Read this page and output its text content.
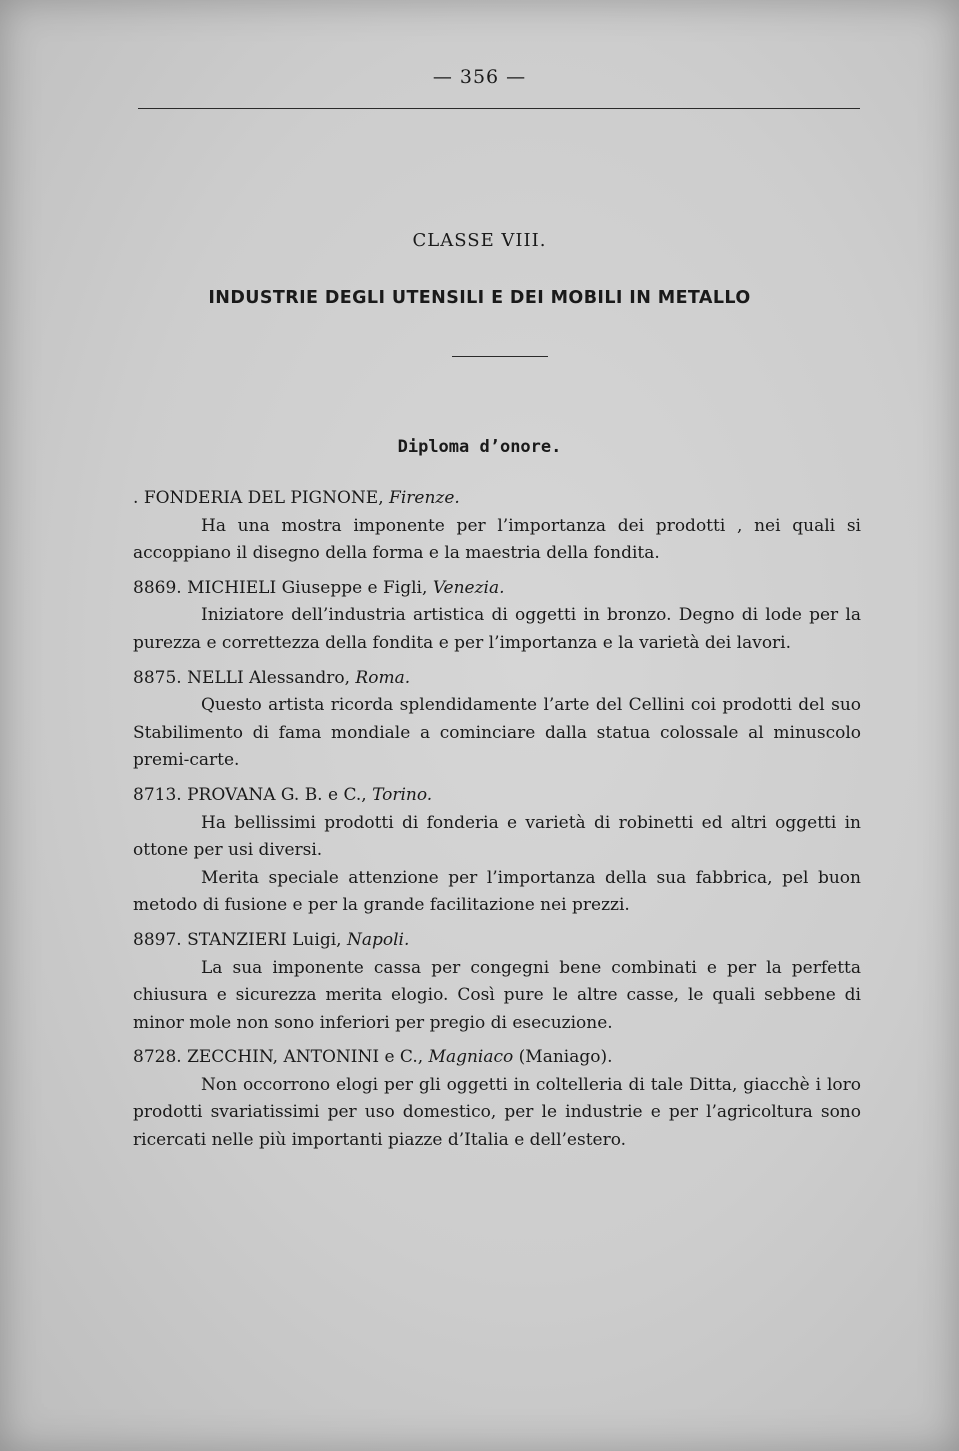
— 356 —
CLASSE VIII.
INDUSTRIE DEGLI UTENSILI E DEI MOBILI IN METALLO
Diploma d’onore.
. FONDERIA DEL PIGNONE, Firenze.
Ha una mostra imponente per l’importanza dei prodotti , nei quali si accoppiano il disegno della forma e la maestria della fondita.
8869. MICHIELI Giuseppe e Figli, Venezia.
Iniziatore dell’industria artistica di oggetti in bronzo. Degno di lode per la purezza e correttezza della fondita e per l’importanza e la varietà dei lavori.
8875. NELLI Alessandro, Roma.
Questo artista ricorda splendidamente l’arte del Cellini coi prodotti del suo Stabilimento di fama mondiale a cominciare dalla statua colossale al minuscolo premi-carte.
8713. PROVANA G. B. e C., Torino.
Ha bellissimi prodotti di fonderia e varietà di robinetti ed altri oggetti in ottone per usi diversi.
Merita speciale attenzione per l’importanza della sua fabbrica, pel buon metodo di fusione e per la grande facilitazione nei prezzi.
8897. STANZIERI Luigi, Napoli.
La sua imponente cassa per congegni bene combinati e per la perfetta chiusura e sicurezza merita elogio. Così pure le altre casse, le quali sebbene di minor mole non sono inferiori per pregio di esecuzione.
8728. ZECCHIN, ANTONINI e C., Magniaco (Maniago).
Non occorrono elogi per gli oggetti in coltelleria di tale Ditta, giacchè i loro prodotti svariatissimi per uso domestico, per le industrie e per l’agricoltura sono ricercati nelle più importanti piazze d’Italia e dell’estero.
